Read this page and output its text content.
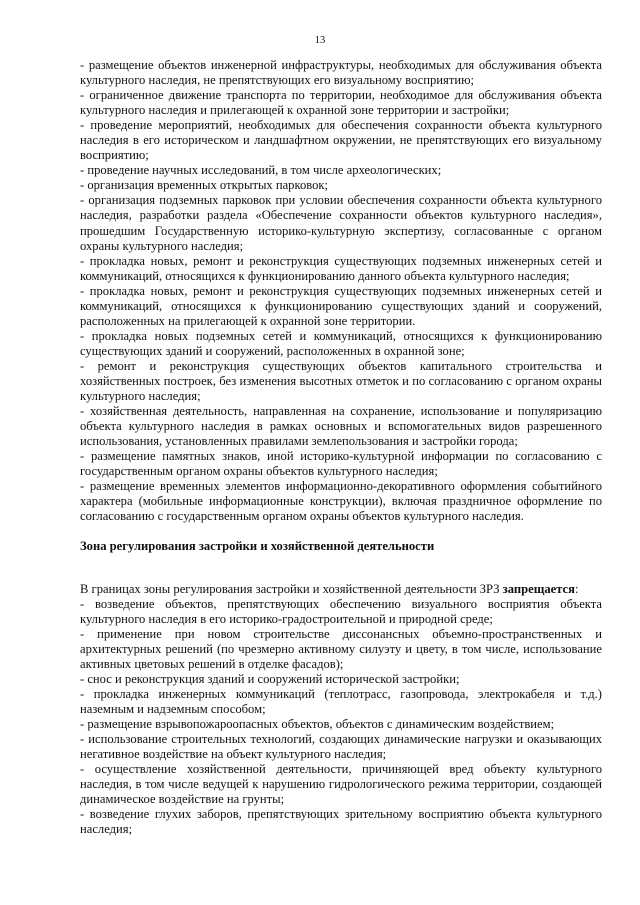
13

- размещение объектов инженерной инфраструктуры, необходимых для обслуживания объекта культурного наследия, не препятствующих его визуальному восприятию;

- ограниченное движение транспорта по территории, необходимое для обслуживания объекта культурного наследия и прилегающей к охранной зоне территории и застройки;

- проведение мероприятий, необходимых для обеспечения сохранности объекта культурного наследия в его историческом и ландшафтном окружении, не препятствующих его визуальному восприятию;

- проведение научных исследований, в том числе археологических;

- организация временных открытых парковок;

- организация подземных парковок при условии обеспечения сохранности объекта культурного наследия, разработки раздела «Обеспечение сохранности объектов культурного наследия», прошедшим Государственную историко-культурную экспертизу, согласованные с органом охраны культурного наследия;

- прокладка новых, ремонт и реконструкция существующих подземных инженерных сетей и коммуникаций, относящихся к функционированию данного объекта культурного наследия;

- прокладка новых, ремонт и реконструкция существующих подземных инженерных сетей и коммуникаций, относящихся к функционированию существующих зданий и сооружений, расположенных на прилегающей к охранной зоне территории.

- прокладка новых подземных сетей и коммуникаций, относящихся к функционированию существующих зданий и сооружений, расположенных в охранной зоне;

- ремонт и реконструкция существующих объектов капитального строительства и хозяйственных построек, без изменения высотных отметок и по согласованию с органом охраны культурного наследия;

- хозяйственная деятельность, направленная на сохранение, использование и популяризацию объекта культурного наследия в рамках основных и вспомогательных видов разрешенного использования, установленных правилами землепользования и застройки города;

- размещение памятных знаков, иной историко-культурной информации по согласованию с государственным органом охраны объектов культурного наследия;

- размещение временных элементов информационно-декоративного оформления событийного характера (мобильные информационные конструкции), включая праздничное оформление по согласованию с государственным органом охраны объектов культурного наследия.

Зона регулирования застройки и хозяйственной деятельности

В границах зоны регулирования застройки и хозяйственной деятельности ЗРЗ запрещается:

- возведение объектов, препятствующих обеспечению визуального восприятия объекта культурного наследия в его историко-градостроительной и природной среде;

- применение при новом строительстве диссонансных объемно-пространственных и архитектурных решений (по чрезмерно активному силуэту и цвету, в том числе, использование активных цветовых решений в отделке фасадов);

- снос и реконструкция зданий и сооружений исторической застройки;

- прокладка инженерных коммуникаций (теплотрасс, газопровода, электрокабеля и т.д.) наземным и надземным способом;

- размещение взрывопожароопасных объектов, объектов с динамическим воздействием;

- использование строительных технологий, создающих динамические нагрузки и оказывающих негативное воздействие на объект культурного наследия;

- осуществление хозяйственной деятельности, причиняющей вред объекту культурного наследия, в том числе ведущей к нарушению гидрологического режима территории, создающей динамическое воздействие на грунты;

- возведение глухих заборов, препятствующих зрительному восприятию объекта культурного наследия;
